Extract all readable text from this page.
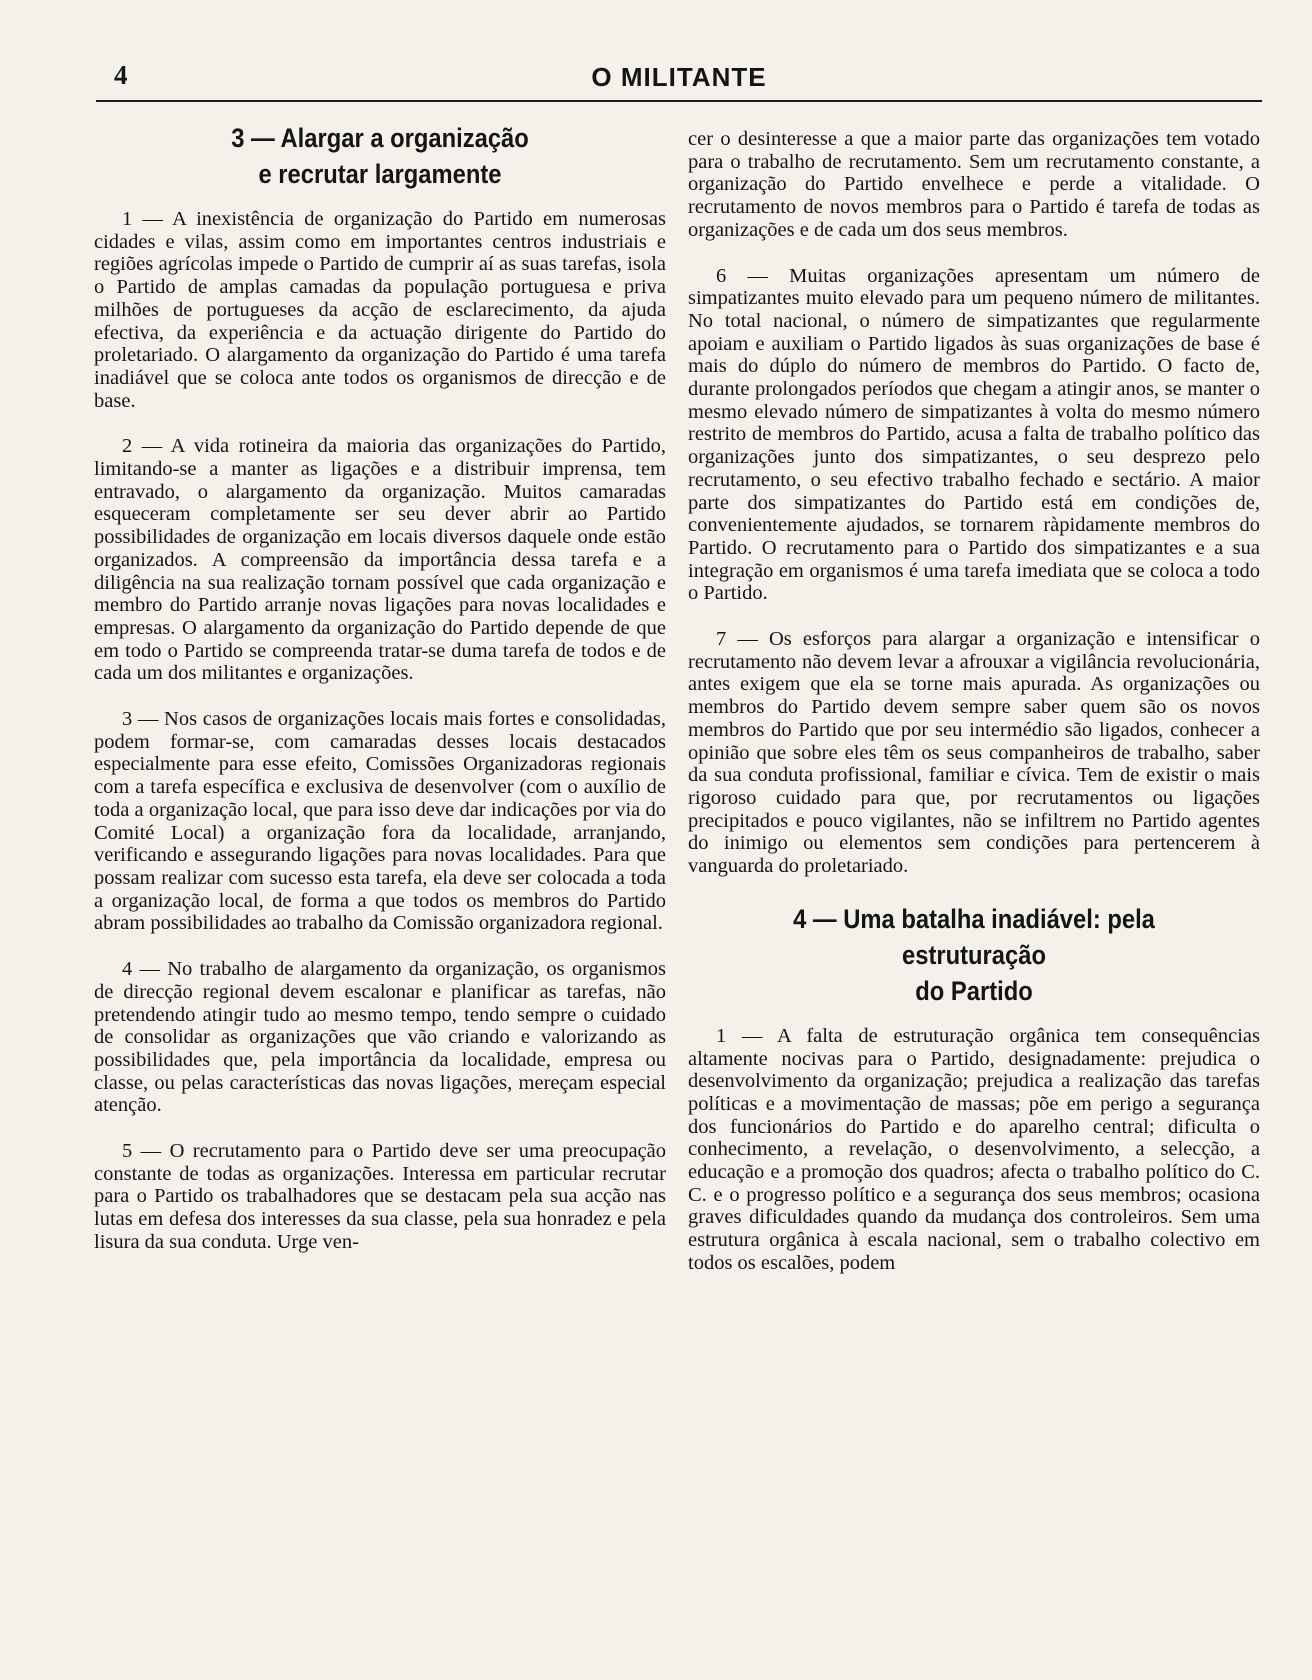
4	O MILITANTE
3 — Alargar a organização
e recrutar largamente

1 — A inexistência de organização do Partido em numerosas cidades e vilas, assim como em importantes centros industriais e regiões agrícolas impede o Partido de cumprir aí as suas tarefas, isola o Partido de amplas camadas da população portuguesa e priva milhões de portugueses da acção de esclarecimento, da ajuda efectiva, da experiência e da actuação dirigente do Partido do proletariado. O alargamento da organização do Partido é uma tarefa inadiável que se coloca ante todos os organismos de direcção e de base.

2 — A vida rotineira da maioria das organizações do Partido, limitando-se a manter as ligações e a distribuir imprensa, tem entravado, o alargamento da organização. Muitos camaradas esqueceram completamente ser seu dever abrir ao Partido possibilidades de organização em locais diversos daquele onde estão organizados. A compreensão da importância dessa tarefa e a diligência na sua realização tornam possível que cada organização e membro do Partido arranje novas ligações para novas localidades e empresas. O alargamento da organização do Partido depende de que em todo o Partido se compreenda tratar-se duma tarefa de todos e de cada um dos militantes e organizações.

3 — Nos casos de organizações locais mais fortes e consolidadas, podem formar-se, com camaradas desses locais destacados especialmente para esse efeito, Comissões Organizadoras regionais com a tarefa específica e exclusiva de desenvolver (com o auxílio de toda a organização local, que para isso deve dar indicações por via do Comité Local) a organização fora da localidade, arranjando, verificando e assegurando ligações para novas localidades. Para que possam realizar com sucesso esta tarefa, ela deve ser colocada a toda a organização local, de forma a que todos os membros do Partido abram possibilidades ao trabalho da Comissão organizadora regional.

4 — No trabalho de alargamento da organização, os organismos de direcção regional devem escalonar e planificar as tarefas, não pretendendo atingir tudo ao mesmo tempo, tendo sempre o cuidado de consolidar as organizações que vão criando e valorizando as possibilidades que, pela importância da localidade, empresa ou classe, ou pelas características das novas ligações, mereçam especial atenção.

5 — O recrutamento para o Partido deve ser uma preocupação constante de todas as organizações. Interessa em particular recrutar para o Partido os trabalhadores que se destacam pela sua acção nas lutas em defesa dos interesses da sua classe, pela sua honradez e pela lisura da sua conduta. Urge ven-

cer o desinteresse a que a maior parte das organizações tem votado para o trabalho de recrutamento. Sem um recrutamento constante, a organização do Partido envelhece e perde a vitalidade. O recrutamento de novos membros para o Partido é tarefa de todas as organizações e de cada um dos seus membros.

6 — Muitas organizações apresentam um número de simpatizantes muito elevado para um pequeno número de militantes. No total nacional, o número de simpatizantes que regularmente apoiam e auxiliam o Partido ligados às suas organizações de base é mais do dúplo do número de membros do Partido. O facto de, durante prolongados períodos que chegam a atingir anos, se manter o mesmo elevado número de simpatizantes à volta do mesmo número restrito de membros do Partido, acusa a falta de trabalho político das organizações junto dos simpatizantes, o seu desprezo pelo recrutamento, o seu efectivo trabalho fechado e sectário. A maior parte dos simpatizantes do Partido está em condições de, convenientemente ajudados, se tornarem ràpidamente membros do Partido. O recrutamento para o Partido dos simpatizantes e a sua integração em organismos é uma tarefa imediata que se coloca a todo o Partido.

7 — Os esforços para alargar a organização e intensificar o recrutamento não devem levar a afrouxar a vigilância revolucionária, antes exigem que ela se torne mais apurada. As organizações ou membros do Partido devem sempre saber quem são os novos membros do Partido que por seu intermédio são ligados, conhecer a opinião que sobre eles têm os seus companheiros de trabalho, saber da sua conduta profissional, familiar e cívica. Tem de existir o mais rigoroso cuidado para que, por recrutamentos ou ligações precipitados e pouco vigilantes, não se infiltrem no Partido agentes do inimigo ou elementos sem condições para pertencerem à vanguarda do proletariado.

4 — Uma batalha inadiável: pela estruturação
do Partido

1 — A falta de estruturação orgânica tem consequências altamente nocivas para o Partido, designadamente: prejudica o desenvolvimento da organização; prejudica a realização das tarefas políticas e a movimentação de massas; põe em perigo a segurança dos funcionários do Partido e do aparelho central; dificulta o conhecimento, a revelação, o desenvolvimento, a selecção, a educação e a promoção dos quadros; afecta o trabalho político do C. C. e o progresso político e a segurança dos seus membros; ocasiona graves dificuldades quando da mudança dos controleiros. Sem uma estrutura orgânica à escala nacional, sem o trabalho colectivo em todos os escalões, podem
